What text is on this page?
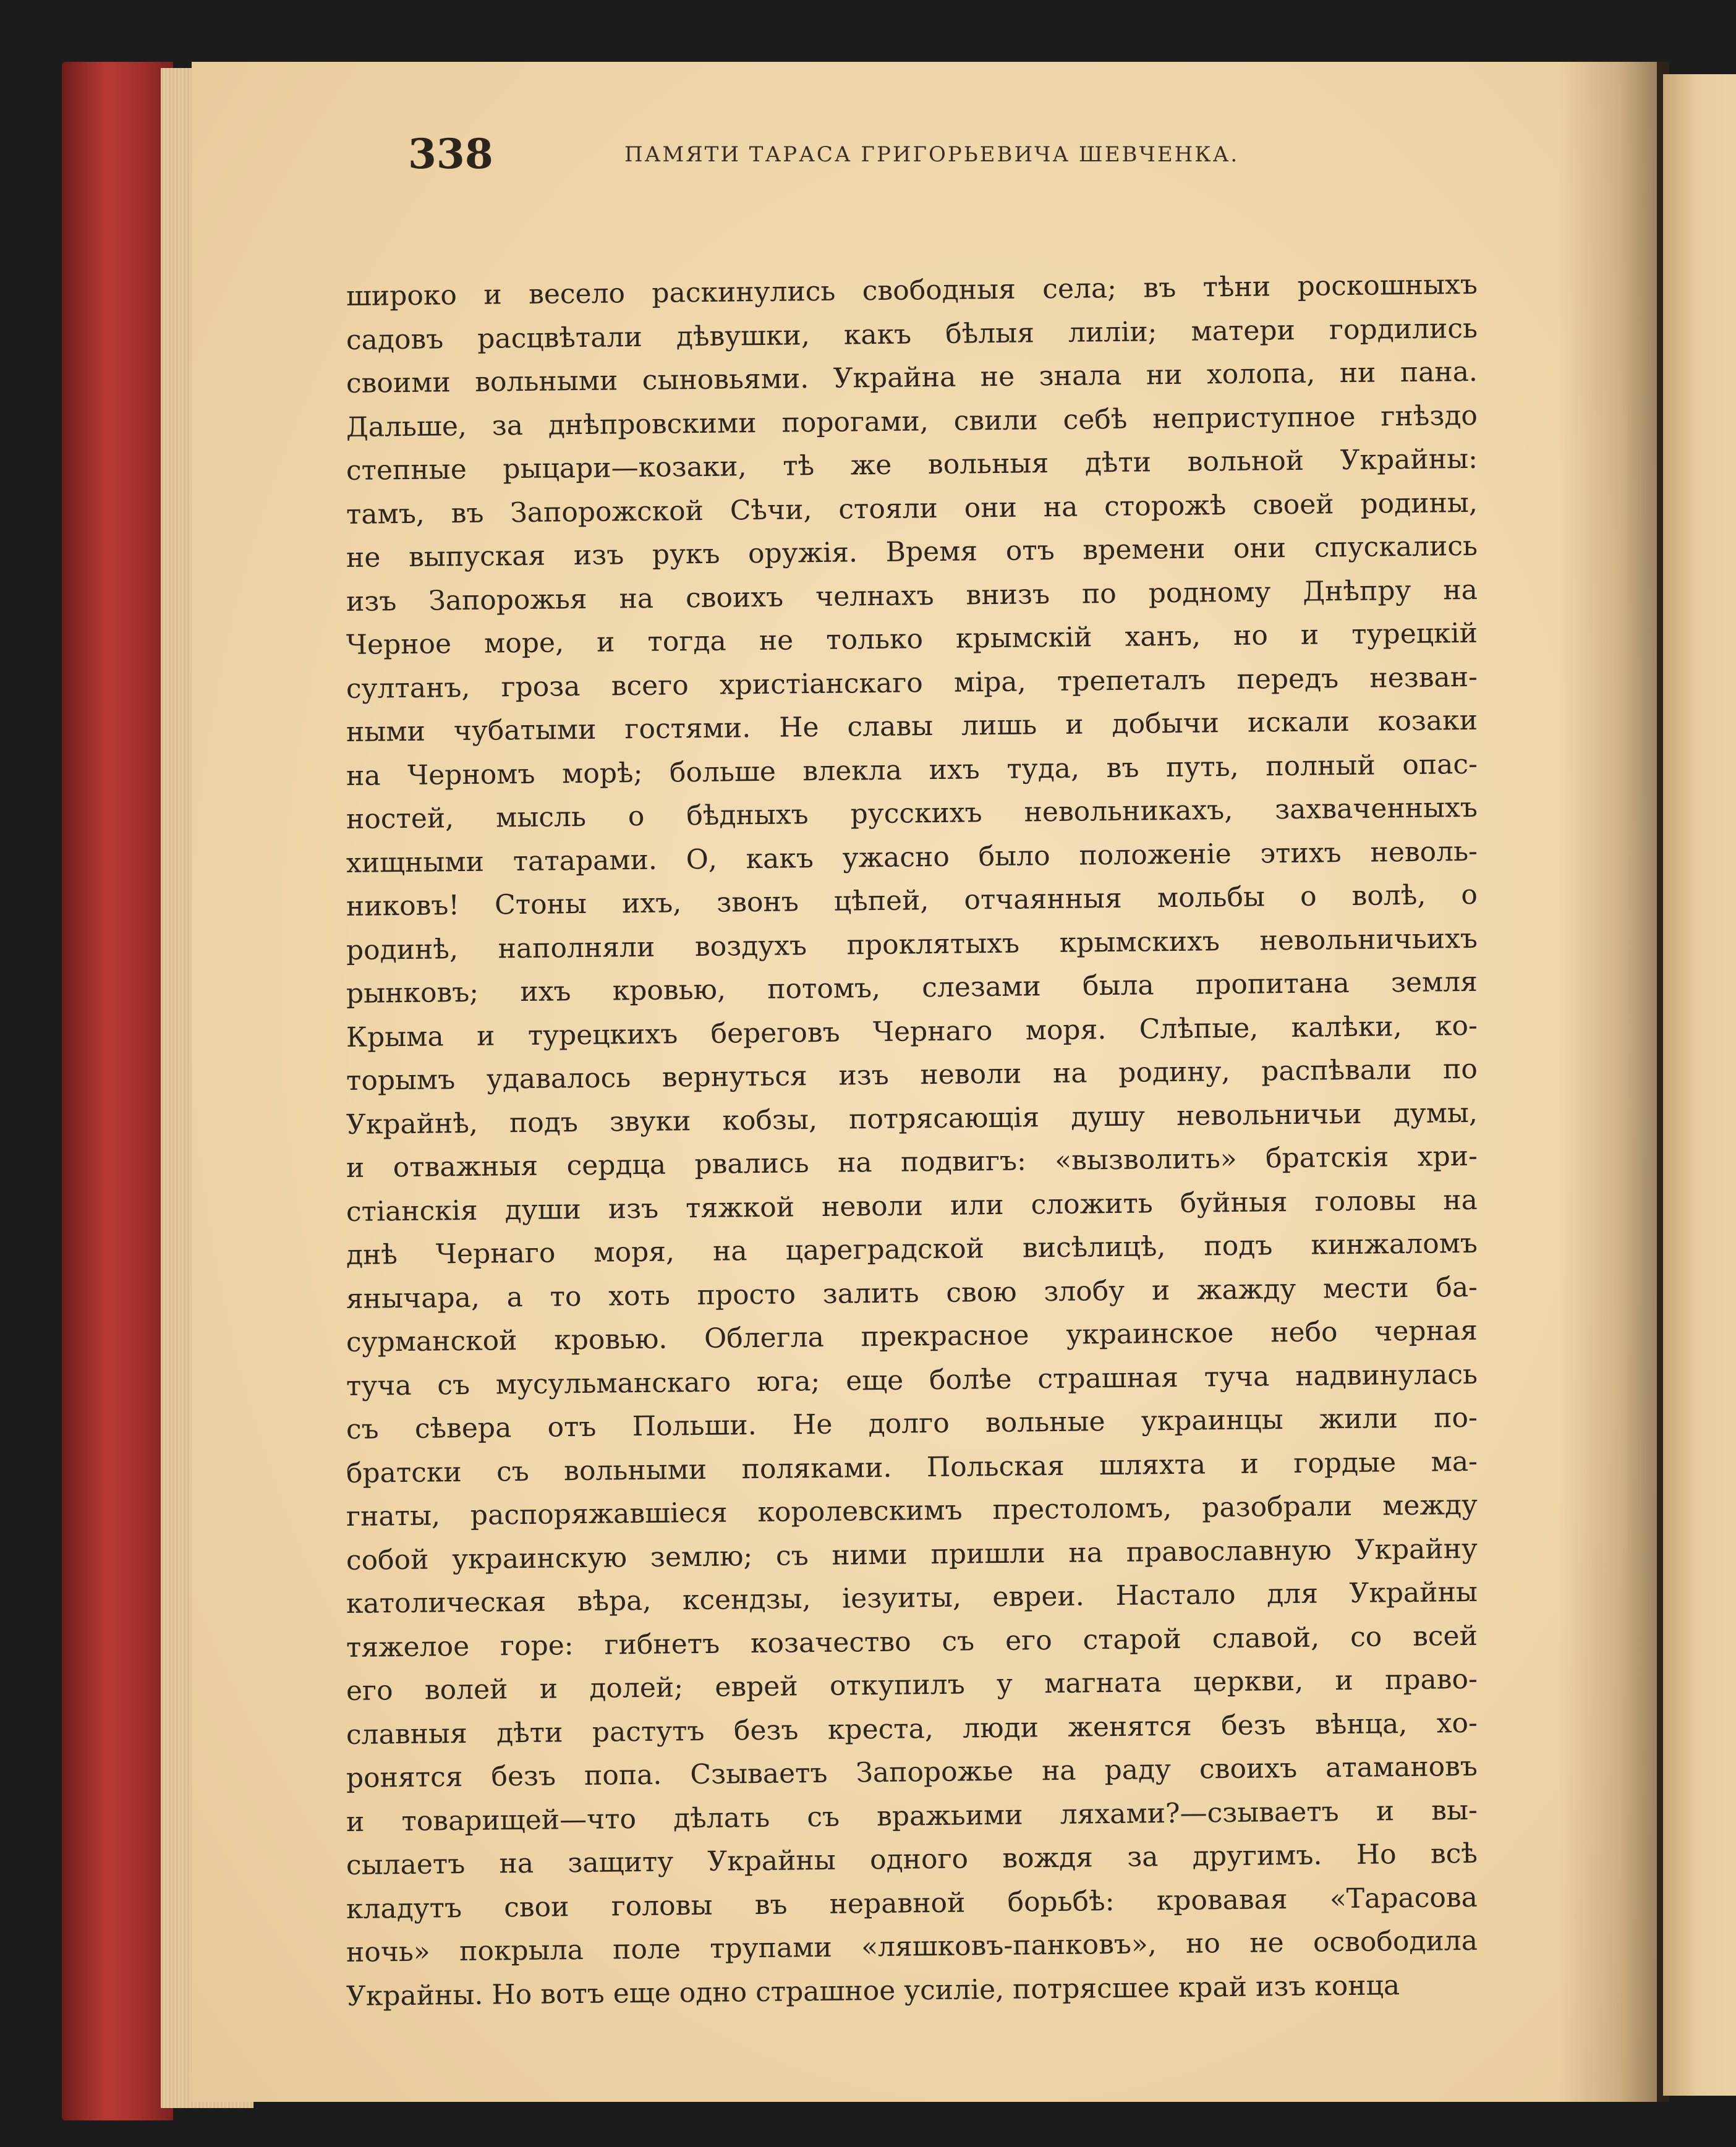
338	ПАМЯТИ ТАРАСА ГРИГОРЬЕВИЧА ШЕВЧЕНКА.
широко и весело раскинулись свободныя села; въ тѣни роскошныхъ
садовъ расцвѣтали дѣвушки, какъ бѣлыя лиліи; матери гордились
своими вольными сыновьями. Украйна не знала ни холопа, ни пана.
Дальше, за днѣпровскими порогами, свили себѣ неприступное гнѣздо
степные рыцари—козаки, тѣ же вольныя дѣти вольной Украйны:
тамъ, въ Запорожской Сѣчи, стояли они на сторожѣ своей родины,
не выпуская изъ рукъ оружія. Время отъ времени они спускались
изъ Запорожья на своихъ челнахъ внизъ по родному Днѣпру на
Черное море, и тогда не только крымскій ханъ, но и турецкій
султанъ, гроза всего христіанскаго міра, трепеталъ передъ незван-
ными чубатыми гостями. Не славы лишь и добычи искали козаки
на Черномъ морѣ; больше влекла ихъ туда, въ путь, полный опас-
ностей, мысль о бѣдныхъ русскихъ невольникахъ, захваченныхъ
хищными татарами. О, какъ ужасно было положеніе этихъ неволь-
никовъ! Стоны ихъ, звонъ цѣпей, отчаянныя мольбы о волѣ, о
родинѣ, наполняли воздухъ проклятыхъ крымскихъ невольничьихъ
рынковъ; ихъ кровью, потомъ, слезами была пропитана земля
Крыма и турецкихъ береговъ Чернаго моря. Слѣпые, калѣки, ко-
торымъ удавалось вернуться изъ неволи на родину, распѣвали по
Украйнѣ, подъ звуки кобзы, потрясающія душу невольничьи думы,
и отважныя сердца рвались на подвигъ: «вызволить» братскія хри-
стіанскія души изъ тяжкой неволи или сложить буйныя головы на
днѣ Чернаго моря, на цареградской висѣлицѣ, подъ кинжаломъ
янычара, а то хоть просто залить свою злобу и жажду мести ба-
сурманской кровью. Облегла прекрасное украинское небо черная
туча съ мусульманскаго юга; еще болѣе страшная туча надвинулась
съ сѣвера отъ Польши. Не долго вольные украинцы жили по-
братски съ вольными поляками. Польская шляхта и гордые ма-
гнаты, распоряжавшіеся королевскимъ престоломъ, разобрали между
собой украинскую землю; съ ними пришли на православную Украйну
католическая вѣра, ксендзы, іезуиты, евреи. Настало для Украйны
тяжелое горе: гибнетъ козачество съ его старой славой, со всей
его волей и долей; еврей откупилъ у магната церкви, и право-
славныя дѣти растутъ безъ креста, люди женятся безъ вѣнца, хо-
ронятся безъ попа. Сзываетъ Запорожье на раду своихъ атамановъ
и товарищей—что дѣлать съ вражьими ляхами?—сзываетъ и вы-
сылаетъ на защиту Украйны одного вождя за другимъ. Но всѣ
кладутъ свои головы въ неравной борьбѣ: кровавая «Тарасова
ночь» покрыла поле трупами «ляшковъ-панковъ», но не освободила
Украйны. Но вотъ еще одно страшное усиліе, потрясшее край изъ конца
